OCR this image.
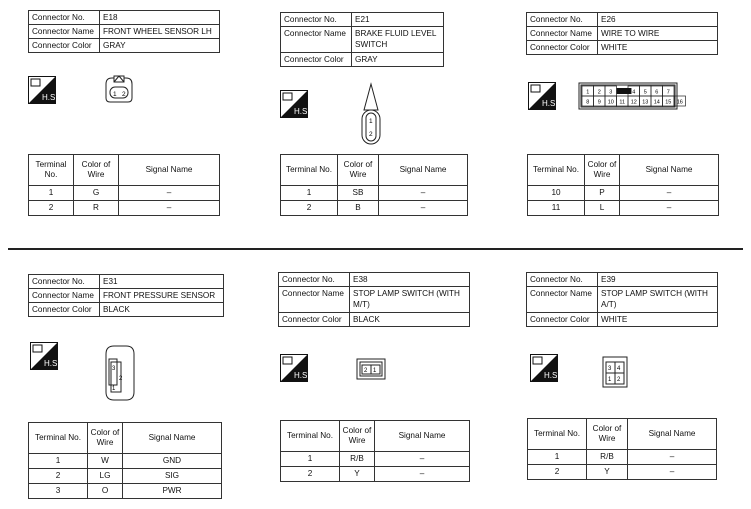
Connector No.	E18
Connector Name	FRONT WHEEL SENSOR LH
Connector Color	GRAY
H.S.	1 2
Terminal No.	Color of Wire	Signal Name
1	G	–
2	R	–
Connector No.	E21
Connector Name	BRAKE FLUID LEVEL SWITCH
Connector Color	GRAY
H.S.
1
2
Terminal No.	Color of Wire	Signal Name
1	SB	–
2	B	–
Connector No.	E26
Connector Name	WIRE TO WIRE
Connector Color	WHITE
H.S.
1 2 3	4 5 6 7
8 9 10 11 12 13 14 15 16
Terminal No.	Color of Wire	Signal Name
10	P	–
11	L	–
Connector No.	E31
Connector Name	FRONT PRESSURE SENSOR
Connector Color	BLACK
H.S.
3
2
1
Terminal No.	Color of Wire	Signal Name
1	W	GND
2	LG	SIG
3	O	PWR
Connector No.	E38
Connector Name	STOP LAMP SWITCH (WITH M/T)
Connector Color	BLACK
H.S.	2 1
Terminal No.	Color of Wire	Signal Name
1	R/B	–
2	Y	–
Connector No.	E39
Connector Name	STOP LAMP SWITCH (WITH A/T)
Connector Color	WHITE
H.S.
3 4
1 2
Terminal No.	Color of Wire	Signal Name
1	R/B	–
2	Y	–
